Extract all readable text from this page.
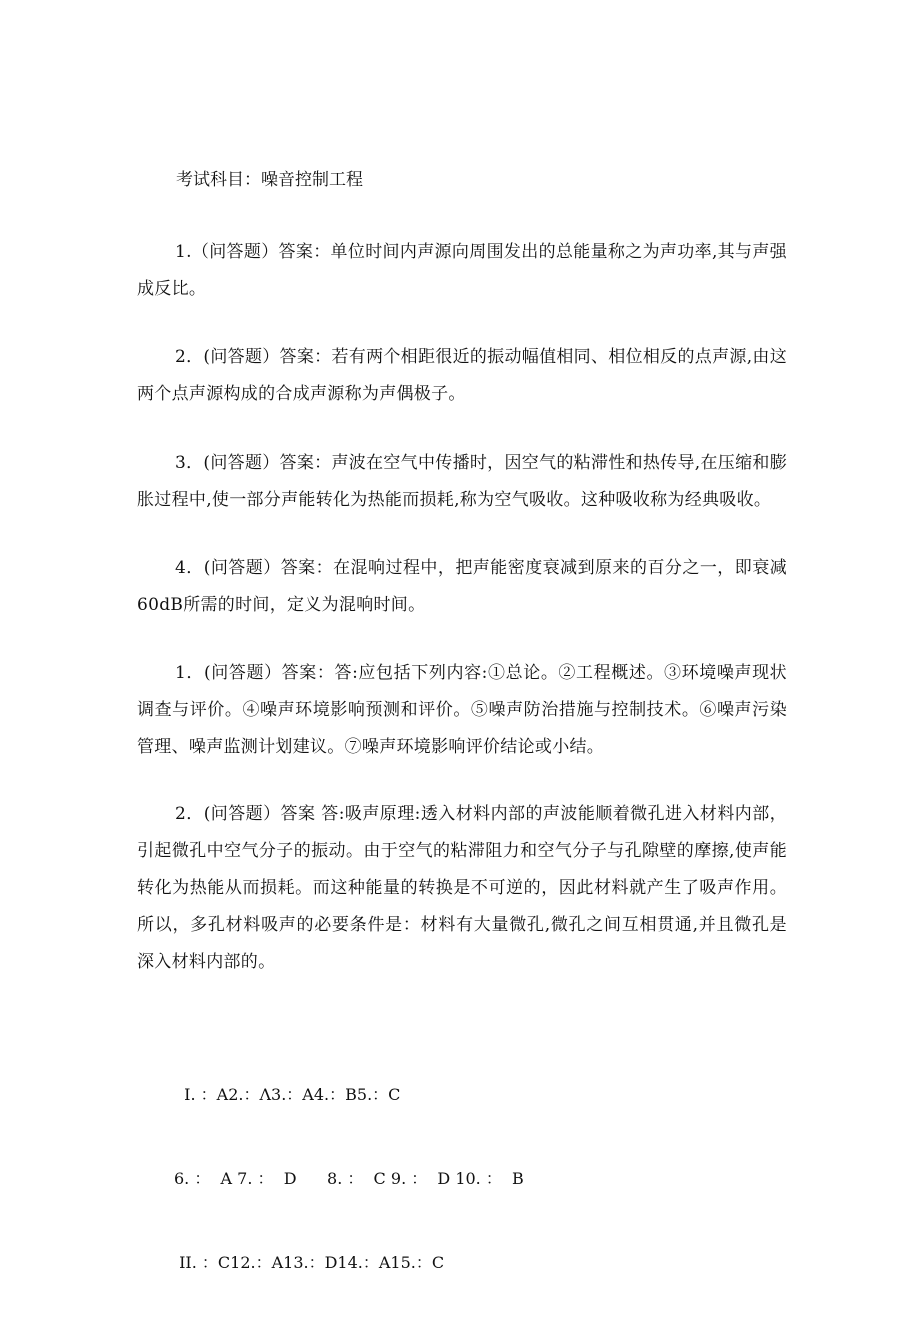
考试科目：噪音控制工程
1.（问答题）答案：单位时间内声源向周围发出的总能量称之为声功率,其与声强成反比。
2．(问答题）答案：若有两个相距很近的振动幅值相同、相位相反的点声源,由这两个点声源构成的合成声源称为声偶极子。
3．(问答题）答案：声波在空气中传播时，因空气的粘滞性和热传导,在压缩和膨胀过程中,使一部分声能转化为热能而损耗,称为空气吸收。这种吸收称为经典吸收。
4．(问答题）答案：在混响过程中，把声能密度衰减到原来的百分之一，即衰减60dB所需的时间，定义为混响时间。
1．(问答题）答案：答:应包括下列内容:①总论。②工程概述。③环境噪声现状调查与评价。④噪声环境影响预测和评价。⑤噪声防治措施与控制技术。⑥噪声污染管理、噪声监测计划建议。⑦噪声环境影响评价结论或小结。
2．(问答题）答案 答:吸声原理:透入材料内部的声波能顺着微孔进入材料内部，引起微孔中空气分子的振动。由于空气的粘滞阻力和空气分子与孔隙壁的摩擦,使声能转化为热能从而损耗。而这种能量的转换是不可逆的，因此材料就产生了吸声作用。所以，多孔材料吸声的必要条件是：材料有大量微孔,微孔之间互相贯通,并且微孔是深入材料内部的。

I. ：A2.：Λ3.：A4.：B5.：C

6. ：  A 7. ：  D      8. ：  C 9. ：  D 10. ：  B

II. ：C12.：A13.：D14.：A15.：C
